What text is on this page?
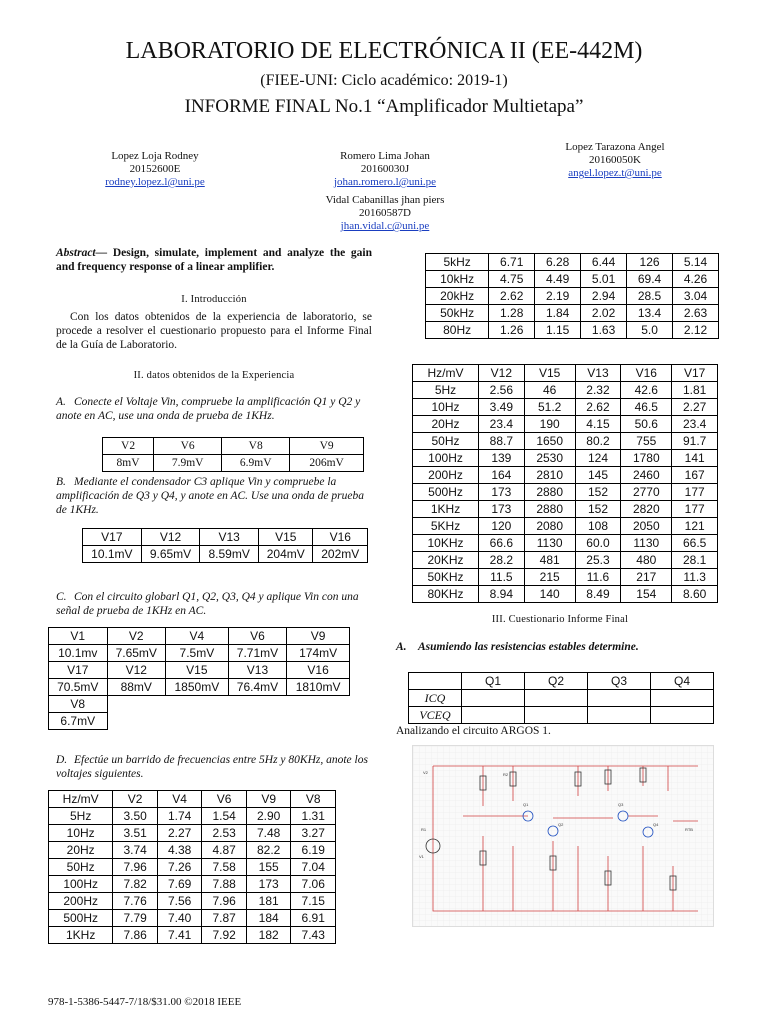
LABORATORIO DE ELECTRÓNICA II (EE-442M)
(FIEE-UNI: Ciclo académico: 2019-1)
INFORME FINAL No.1 “Amplificador Multietapa”
Lopez Loja Rodney
20152600E
rodney.lopez.l@uni.pe
Romero Lima Johan
20160030J
johan.romero.l@uni.pe
Lopez Tarazona Angel
20160050K
angel.lopez.t@uni.pe
Vidal Cabanillas jhan piers
20160587D
jhan.vidal.c@uni.pe
Abstract— Design, simulate, implement and analyze the gain and frequency response of a linear amplifier.
I. Introducción
Con los datos obtenidos de la experiencia de laboratorio, se procede a resolver el cuestionario propuesto para el Informe Final de la Guía de Laboratorio.
II. datos obtenidos de la Experiencia
A. Conecte el Voltaje Vin, compruebe la amplificación Q1 y Q2 y anote en AC, use una onda de prueba de 1KHz.
V2	V6	V8	V9
8mV	7.9mV	6.9mV	206mV
B. Mediante el condensador C3 aplique Vin y compruebe la amplificación de Q3 y Q4, y anote en AC. Use una onda de prueba de 1KHz.
V17	V12	V13	V15	V16
10.1mV	9.65mV	8.59mV	204mV	202mV
C. Con el circuito globarl Q1, Q2, Q3, Q4 y aplique Vin con una señal de prueba de 1KHz en AC.
V1	V2	V4	V6	V9
10.1mv	7.65mV	7.5mV	7.71mV	174mV
V17	V12	V15	V13	V16
70.5mV	88mV	1850mV	76.4mV	1810mV
V8				
6.7mV				
D. Efectúe un barrido de frecuencias entre 5Hz y 80KHz, anote los voltajes siguientes.
Hz/mV	V2	V4	V6	V9	V8
5Hz	3.50	1.74	1.54	2.90	1.31
10Hz	3.51	2.27	2.53	7.48	3.27
20Hz	3.74	4.38	4.87	82.2	6.19
50Hz	7.96	7.26	7.58	155	7.04
100Hz	7.82	7.69	7.88	173	7.06
200Hz	7.76	7.56	7.96	181	7.15
500Hz	7.79	7.40	7.87	184	6.91
1KHz	7.86	7.41	7.92	182	7.43
5kHz	6.71	6.28	6.44	126	5.14
10kHz	4.75	4.49	5.01	69.4	4.26
20kHz	2.62	2.19	2.94	28.5	3.04
50kHz	1.28	1.84	2.02	13.4	2.63
80Hz	1.26	1.15	1.63	5.0	2.12
Hz/mV	V12	V15	V13	V16	V17
5Hz	2.56	46	2.32	42.6	1.81
10Hz	3.49	51.2	2.62	46.5	2.27
20Hz	23.4	190	4.15	50.6	23.4
50Hz	88.7	1650	80.2	755	91.7
100Hz	139	2530	124	1780	141
200Hz	164	2810	145	2460	167
500Hz	173	2880	152	2770	177
1KHz	173	2880	152	2820	177
5KHz	120	2080	108	2050	121
10KHz	66.6	1130	60.0	1130	66.5
20KHz	28.2	481	25.3	480	28.1
50KHz	11.5	215	11.6	217	11.3
80KHz	8.94	140	8.49	154	8.60
III. Cuestionario Informe Final
A. Asumiendo las resistencias estables determine.
	Q1	Q2	Q3	Q4
ICQ				
VCEQ				
Analizando el circuito ARGOS 1.
V2
R1
R2
Q1
Q2
Q3
Q4
RTB
V1
978-1-5386-5447-7/18/$31.00 ©2018 IEEE
